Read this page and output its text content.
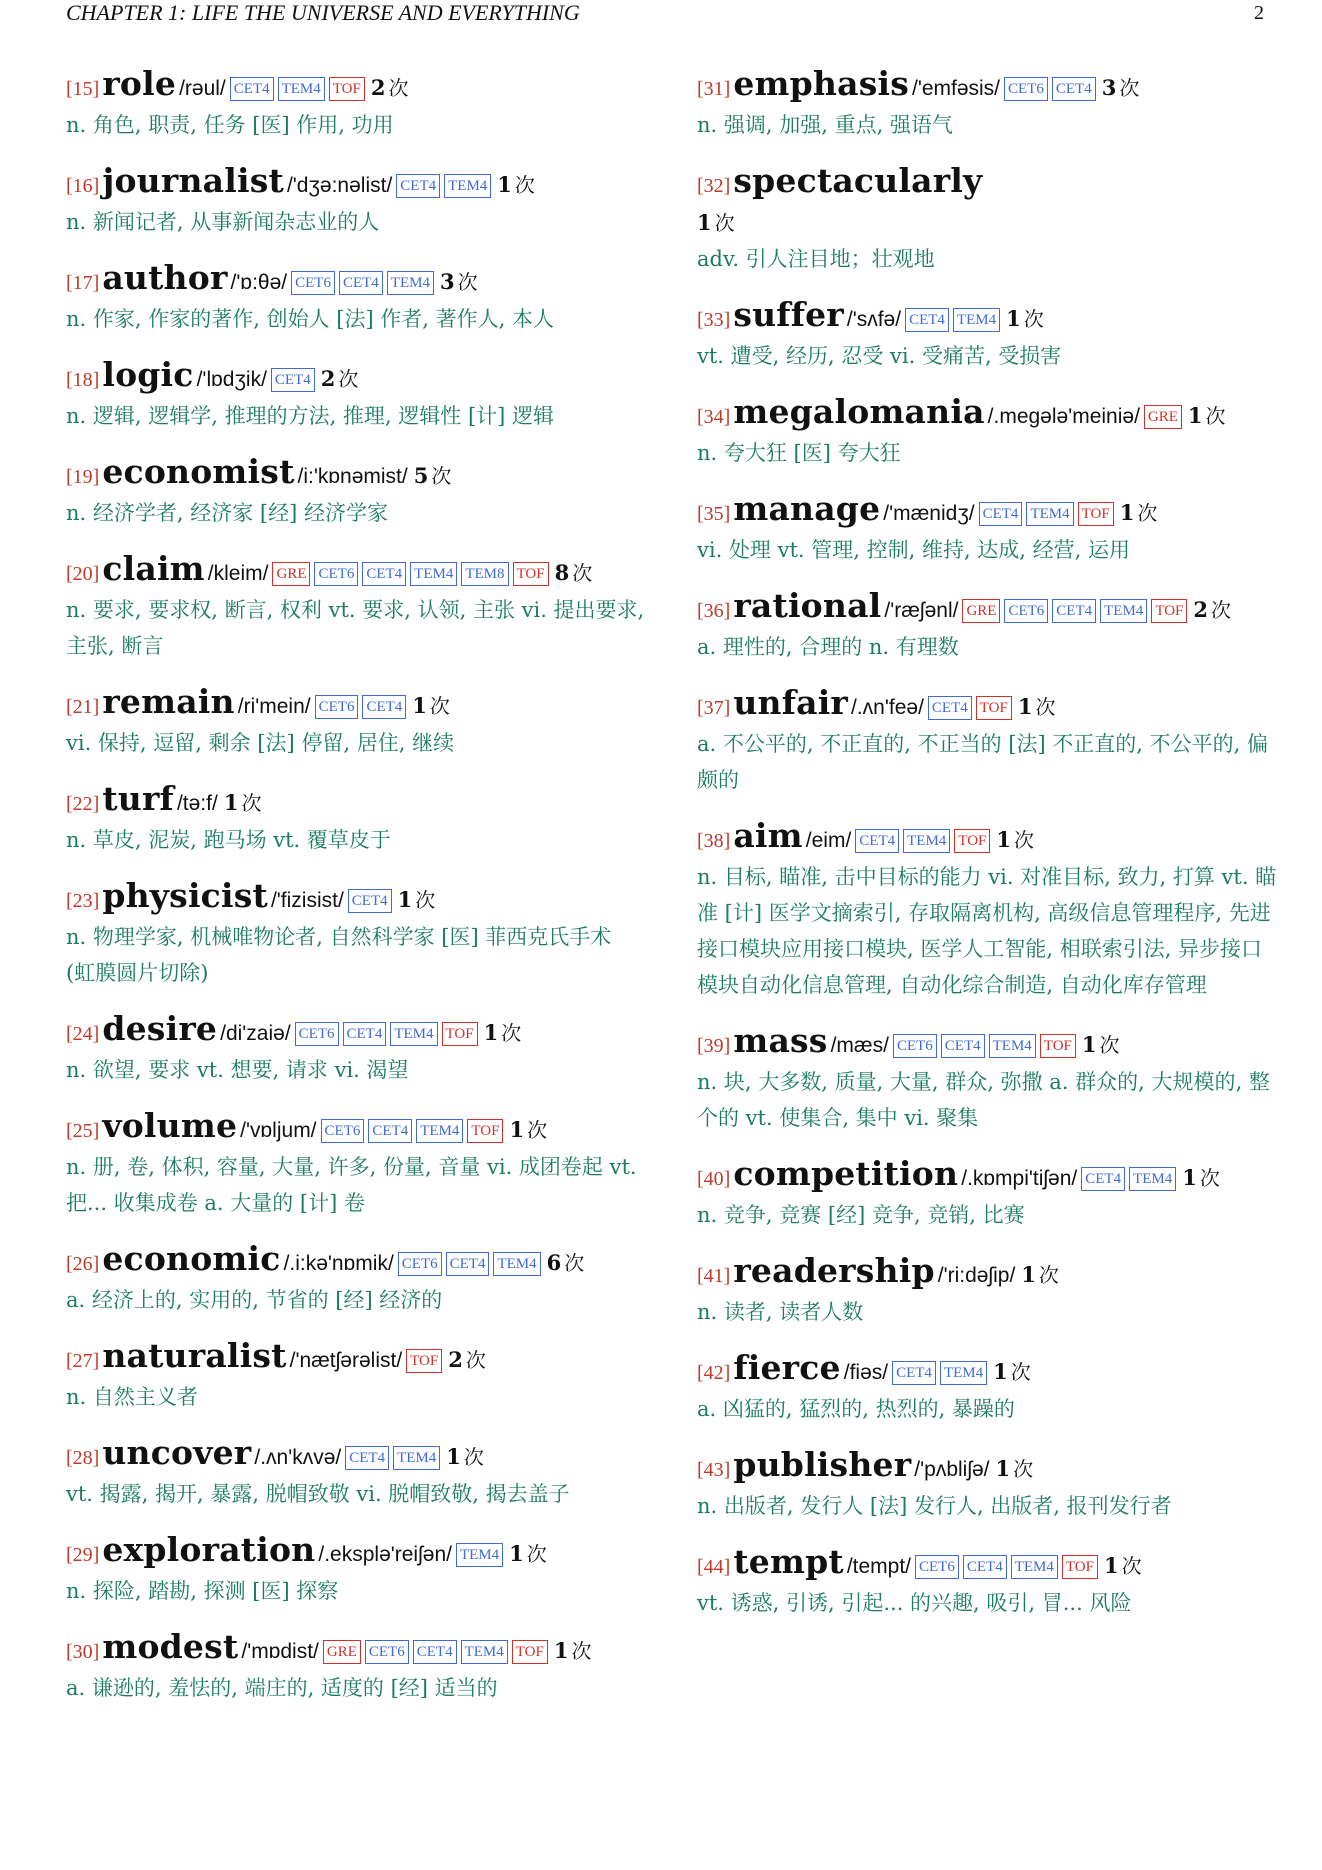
CHAPTER 1: LIFE THE UNIVERSE AND EVERYTHING	2
[15]role /rəul/ CET4 TEM4 TOF 2 次
n. 角色, 职责, 任务 [医] 作用, 功用
[16]journalist /'dʒə:nəlist/ CET4 TEM4 1 次
n. 新闻记者, 从事新闻杂志业的人
[17]author /'ɒ:θə/ CET6 CET4 TEM4 3 次
n. 作家, 作家的著作, 创始人 [法] 作者, 著作人, 本人
[18]logic /'lɒdʒik/ CET4 2 次
n. 逻辑, 逻辑学, 推理的方法, 推理, 逻辑性 [计] 逻辑
[19]economist /i:'kɒnəmist/ 5 次
n. 经济学者, 经济家 [经] 经济学家
[20]claim /kleim/ GRE CET6 CET4 TEM4 TEM8 TOF 8 次
n. 要求, 要求权, 断言, 权利 vt. 要求, 认领, 主张 vi. 提出要求, 主张, 断言
[21]remain /ri'mein/ CET6 CET4 1 次
vi. 保持, 逗留, 剩余 [法] 停留, 居住, 继续
[22]turf /tə:f/ 1 次
n. 草皮, 泥炭, 跑马场 vt. 覆草皮于
[23]physicist /'fizisist/ CET4 1 次
n. 物理学家, 机械唯物论者, 自然科学家 [医] 菲西克氏手术 (虹膜圆片切除)
[24]desire /di'zaiə/ CET6 CET4 TEM4 TOF 1 次
n. 欲望, 要求 vt. 想要, 请求 vi. 渴望
[25]volume /'vɒljum/ CET6 CET4 TEM4 TOF 1 次
n. 册, 卷, 体积, 容量, 大量, 许多, 份量, 音量 vi. 成团卷起 vt. 把... 收集成卷 a. 大量的 [计] 卷
[26]economic /.i:kə'nɒmik/ CET6 CET4 TEM4 6 次
a. 经济上的, 实用的, 节省的 [经] 经济的
[27]naturalist /'nætʃərəlist/ TOF 2 次
n. 自然主义者
[28]uncover /.ʌn'kʌvə/ CET4 TEM4 1 次
vt. 揭露, 揭开, 暴露, 脱帽致敬 vi. 脱帽致敬, 揭去盖子
[29]exploration /.eksplə'reiʃən/ TEM4 1 次
n. 探险, 踏勘, 探测 [医] 探察
[30]modest /'mɒdist/ GRE CET6 CET4 TEM4 TOF 1 次
a. 谦逊的, 羞怯的, 端庄的, 适度的 [经] 适当的
[31]emphasis /'emfəsis/ CET6 CET4 3 次
n. 强调, 加强, 重点, 强语气
[32]spectacularly
1 次
adv. 引人注目地；壮观地
[33]suffer /'sʌfə/ CET4 TEM4 1 次
vt. 遭受, 经历, 忍受 vi. 受痛苦, 受损害
[34]megalomania /.megələ'meiniə/ GRE 1 次
n. 夸大狂 [医] 夸大狂
[35]manage /'mænidʒ/ CET4 TEM4 TOF 1 次
vi. 处理 vt. 管理, 控制, 维持, 达成, 经营, 运用
[36]rational /'ræʃənl/ GRE CET6 CET4 TEM4 TOF 2 次
a. 理性的, 合理的 n. 有理数
[37]unfair /.ʌn'feə/ CET4 TOF 1 次
a. 不公平的, 不正直的, 不正当的 [法] 不正直的, 不公平的, 偏颇的
[38]aim /eim/ CET4 TEM4 TOF 1 次
n. 目标, 瞄准, 击中目标的能力 vi. 对准目标, 致力, 打算 vt. 瞄准 [计] 医学文摘索引, 存取隔离机构, 高级信息管理程序, 先进接口模块应用接口模块, 医学人工智能, 相联索引法, 异步接口模块自动化信息管理, 自动化综合制造, 自动化库存管理
[39]mass /mæs/ CET6 CET4 TEM4 TOF 1 次
n. 块, 大多数, 质量, 大量, 群众, 弥撒 a. 群众的, 大规模的, 整个的 vt. 使集合, 集中 vi. 聚集
[40]competition /.kɒmpi'tiʃən/ CET4 TEM4 1 次
n. 竞争, 竞赛 [经] 竞争, 竞销, 比赛
[41]readership /'ri:dəʃip/ 1 次
n. 读者, 读者人数
[42]fierce /fiəs/ CET4 TEM4 1 次
a. 凶猛的, 猛烈的, 热烈的, 暴躁的
[43]publisher /'pʌbliʃə/ 1 次
n. 出版者, 发行人 [法] 发行人, 出版者, 报刊发行者
[44]tempt /tempt/ CET6 CET4 TEM4 TOF 1 次
vt. 诱惑, 引诱, 引起... 的兴趣, 吸引, 冒... 风险
